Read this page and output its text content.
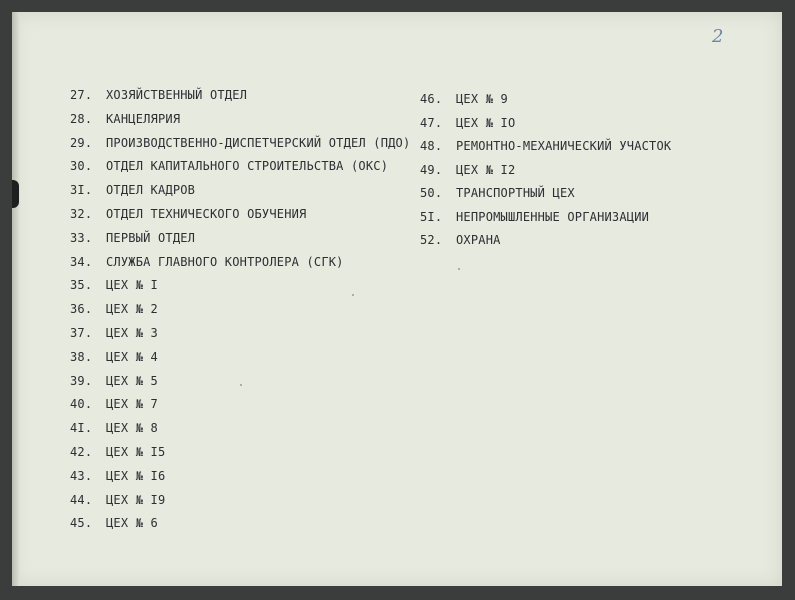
2
27.	ХОЗЯЙСТВЕННЫЙ ОТДЕЛ
28.	КАНЦЕЛЯРИЯ
29.	ПРОИЗВОДСТВЕННО-ДИСПЕТЧЕРСКИЙ ОТДЕЛ (ПДО)
30.	ОТДЕЛ КАПИТАЛЬНОГО СТРОИТЕЛЬСТВА (ОКС)
3I.	ОТДЕЛ КАДРОВ
32.	ОТДЕЛ ТЕХНИЧЕСКОГО ОБУЧЕНИЯ
33.	ПЕРВЫЙ ОТДЕЛ
34.	СЛУЖБА ГЛАВНОГО КОНТРОЛЕРА (СГК)
35.	ЦЕХ № I
36.	ЦЕХ № 2
37.	ЦЕХ № 3
38.	ЦЕХ № 4
39.	ЦЕХ № 5
40.	ЦЕХ № 7
4I.	ЦЕХ № 8
42.	ЦЕХ № I5
43.	ЦЕХ № I6
44.	ЦЕХ № I9
45.	ЦЕХ № 6
46.	ЦЕХ № 9
47.	ЦЕХ № IO
48.	РЕМОНТНО-МЕХАНИЧЕСКИЙ УЧАСТОК
49.	ЦЕХ № I2
50.	ТРАНСПОРТНЫЙ ЦЕХ
5I.	НЕПРОМЫШЛЕННЫЕ ОРГАНИЗАЦИИ
52.	ОХРАНА
